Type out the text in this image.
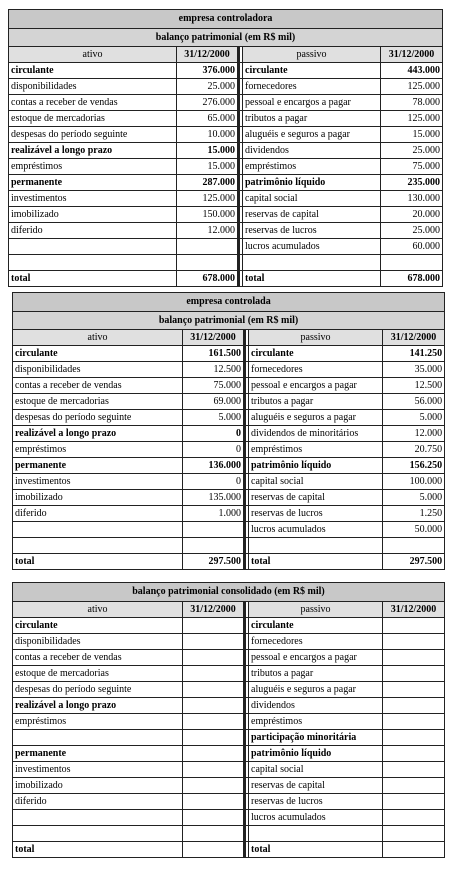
empresa controladora				
balanço patrimonial (em R$ mil)				
ativo	31/12/2000		passivo	31/12/2000
circulante	376.000		circulante	443.000
disponibilidades	25.000		fornecedores	125.000
contas a receber de vendas	276.000		pessoal e encargos a pagar	78.000
estoque de mercadorias	65.000		tributos a pagar	125.000
despesas do período seguinte	10.000		aluguéis e seguros a pagar	15.000
realizável a longo prazo	15.000		dividendos	25.000
empréstimos	15.000		empréstimos	75.000
permanente	287.000		patrimônio líquido	235.000
investimentos	125.000		capital social	130.000
imobilizado	150.000		reservas de capital	20.000
diferido	12.000		reservas de lucros	25.000
			lucros acumulados	60.000

total	678.000		total	678.000
empresa controlada				
balanço patrimonial (em R$ mil)				
ativo	31/12/2000		passivo	31/12/2000
circulante	161.500		circulante	141.250
disponibilidades	12.500		fornecedores	35.000
contas a receber de vendas	75.000		pessoal e encargos a pagar	12.500
estoque de mercadorias	69.000		tributos a pagar	56.000
despesas do período seguinte	5.000		aluguéis e seguros a pagar	5.000
realizável a longo prazo	0		dividendos de minoritários	12.000
empréstimos	0		empréstimos	20.750
permanente	136.000		patrimônio líquido	156.250
investimentos	0		capital social	100.000
imobilizado	135.000		reservas de capital	5.000
diferido	1.000		reservas de lucros	1.250
			lucros acumulados	50.000

total	297.500		total	297.500
balanço patrimonial consolidado (em R$ mil)				
ativo	31/12/2000		passivo	31/12/2000
circulante			circulante	
disponibilidades			fornecedores	
contas a receber de vendas			pessoal e encargos a pagar	
estoque de mercadorias			tributos a pagar	
despesas do período seguinte			aluguéis e seguros a pagar	
realizável a longo prazo			dividendos	
empréstimos			empréstimos	
			participação minoritária	
permanente			patrimônio líquido	
investimentos			capital social	
imobilizado			reservas de capital	
diferido			reservas de lucros	
			lucros acumulados	

total			total	
